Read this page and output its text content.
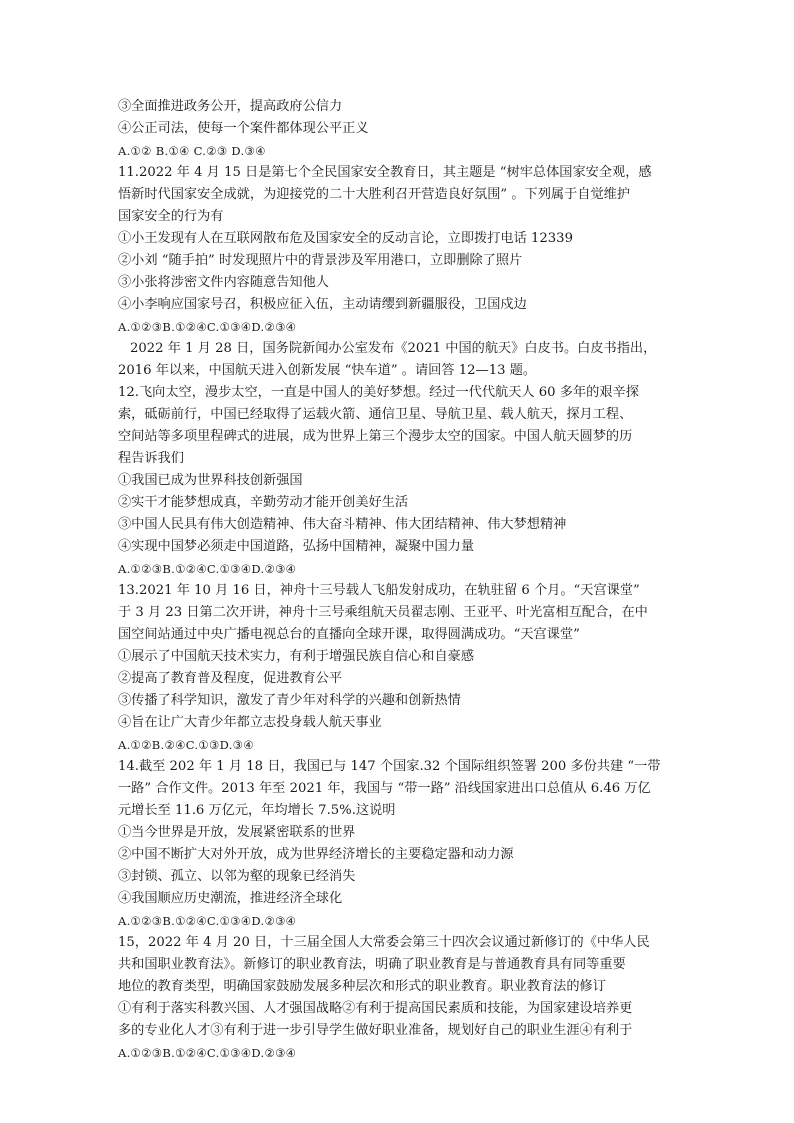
③全面推进政务公开，提高政府公信力
④公正司法，使每一个案件都体现公平正义
A.①② B.①④ C.②③ D.③④
11.2022 年 4 月 15 日是第七个全民国家安全教育日，其主题是 “树牢总体国家安全观，感
悟新时代国家安全成就，为迎接党的二十大胜利召开营造良好氛围” 。下列属于自觉维护
国家安全的行为有
①小王发现有人在互联网散布危及国家安全的反动言论，立即拨打电话 12339
②小刘 “随手拍” 时发现照片中的背景涉及军用港口，立即删除了照片
③小张将涉密文件内容随意告知他人
④小李响应国家号召，积极应征入伍，主动请缨到新疆服役，卫国戍边
A.①②③B.①②④C.①③④D.②③④
2022 年 1 月 28 日，国务院新闻办公室发布《2021 中国的航天》白皮书。白皮书指出，
2016 年以来，中国航天进入创新发展 “快车道” 。请回答 12—13 题。
12.飞向太空，漫步太空，一直是中国人的美好梦想。经过一代代航天人 60 多年的艰辛探
索，砥砺前行，中国已经取得了运载火箭、通信卫星、导航卫星、载人航天，探月工程、
空间站等多项里程碑式的进展，成为世界上第三个漫步太空的国家。中国人航天圆梦的历
程告诉我们
①我国已成为世界科技创新强国
②实干才能梦想成真，辛勤劳动才能开创美好生活
③中国人民具有伟大创造精神、伟大奋斗精神、伟大团结精神、伟大梦想精神
④实现中国梦必须走中国道路，弘扬中国精神，凝聚中国力量
A.①②③B.①②④C.①③④D.②③④
13.2021 年 10 月 16 日，神舟十三号载人飞船发射成功，在轨驻留 6 个月。“天宫课堂”
于 3 月 23 日第二次开讲，神舟十三号乘组航天员翟志刚、王亚平、叶光富相互配合，在中
国空间站通过中央广播电视总台的直播向全球开课，取得圆满成功。“天宫课堂”
①展示了中国航天技术实力，有利于增强民族自信心和自豪感
②提高了教育普及程度，促进教育公平
③传播了科学知识，激发了青少年对科学的兴趣和创新热情
④旨在让广大青少年都立志投身载人航天事业
A.①②B.②④C.①③D.③④
14.截至 202 年 1 月 18 日，我国已与 147 个国家.32 个国际组织签署 200 多份共建 “一带
一路” 合作文件。2013 年至 2021 年，我国与 “带一路” 沿线国家进出口总值从 6.46 万亿
元增长至 11.6 万亿元，年均增长 7.5%.这说明
①当今世界是开放，发展紧密联系的世界
②中国不断扩大对外开放，成为世界经济增长的主要稳定器和动力源
③封锁、孤立、以邻为壑的现象已经消失
④我国顺应历史潮流，推进经济全球化
A.①②③B.①②④C.①③④D.②③④
15，2022 年 4 月 20 日，十三届全国人大常委会第三十四次会议通过新修订的《中华人民
共和国职业教育法》。新修订的职业教育法，明确了职业教育是与普通教育具有同等重要
地位的教育类型，明确国家鼓励发展多种层次和形式的职业教育。职业教育法的修订
①有利于落实科教兴国、人才强国战略②有利于提高国民素质和技能，为国家建设培养更
多的专业化人才③有利于进一步引导学生做好职业准备，规划好自己的职业生涯④有利于
A.①②③B.①②④C.①③④D.②③④
